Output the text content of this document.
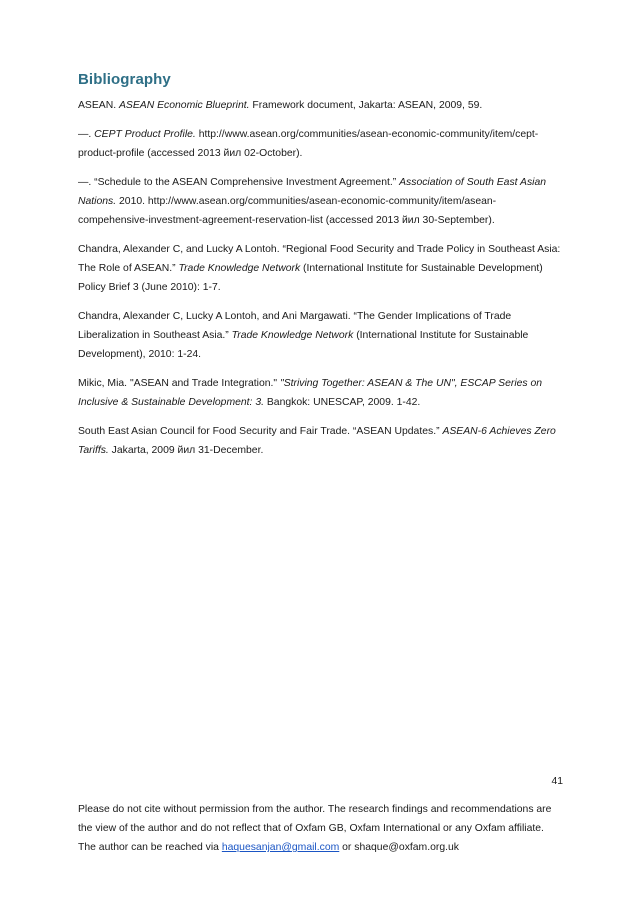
Bibliography

ASEAN. ASEAN Economic Blueprint. Framework document, Jakarta: ASEAN, 2009, 59.

—. CEPT Product Profile. http://www.asean.org/communities/asean-economic-community/item/cept-product-profile (accessed 2013 йил 02-October).

—. “Schedule to the ASEAN Comprehensive Investment Agreement.” Association of South East Asian Nations. 2010. http://www.asean.org/communities/asean-economic-community/item/asean-compehensive-investment-agreement-reservation-list (accessed 2013 йил 30-September).

Chandra, Alexander C, and Lucky A Lontoh. “Regional Food Security and Trade Policy in Southeast Asia: The Role of ASEAN.” Trade Knowledge Network (International Institute for Sustainable Development) Policy Brief 3 (June 2010): 1-7.

Chandra, Alexander C, Lucky A Lontoh, and Ani Margawati. “The Gender Implications of Trade Liberalization in Southeast Asia.” Trade Knowledge Network (International Institute for Sustainable Development), 2010: 1-24.

Mikic, Mia. "ASEAN and Trade Integration." "Striving Together: ASEAN & The UN", ESCAP Series on Inclusive & Sustainable Development: 3. Bangkok: UNESCAP, 2009. 1-42.

South East Asian Council for Food Security and Fair Trade. “ASEAN Updates.” ASEAN-6 Achieves Zero Tariffs. Jakarta, 2009 йил 31-December.

41
Please do not cite without permission from the author. The research findings and recommendations are the view of the author and do not reflect that of Oxfam GB, Oxfam International or any Oxfam affiliate. The author can be reached via haquesanjan@gmail.com or shaque@oxfam.org.uk
